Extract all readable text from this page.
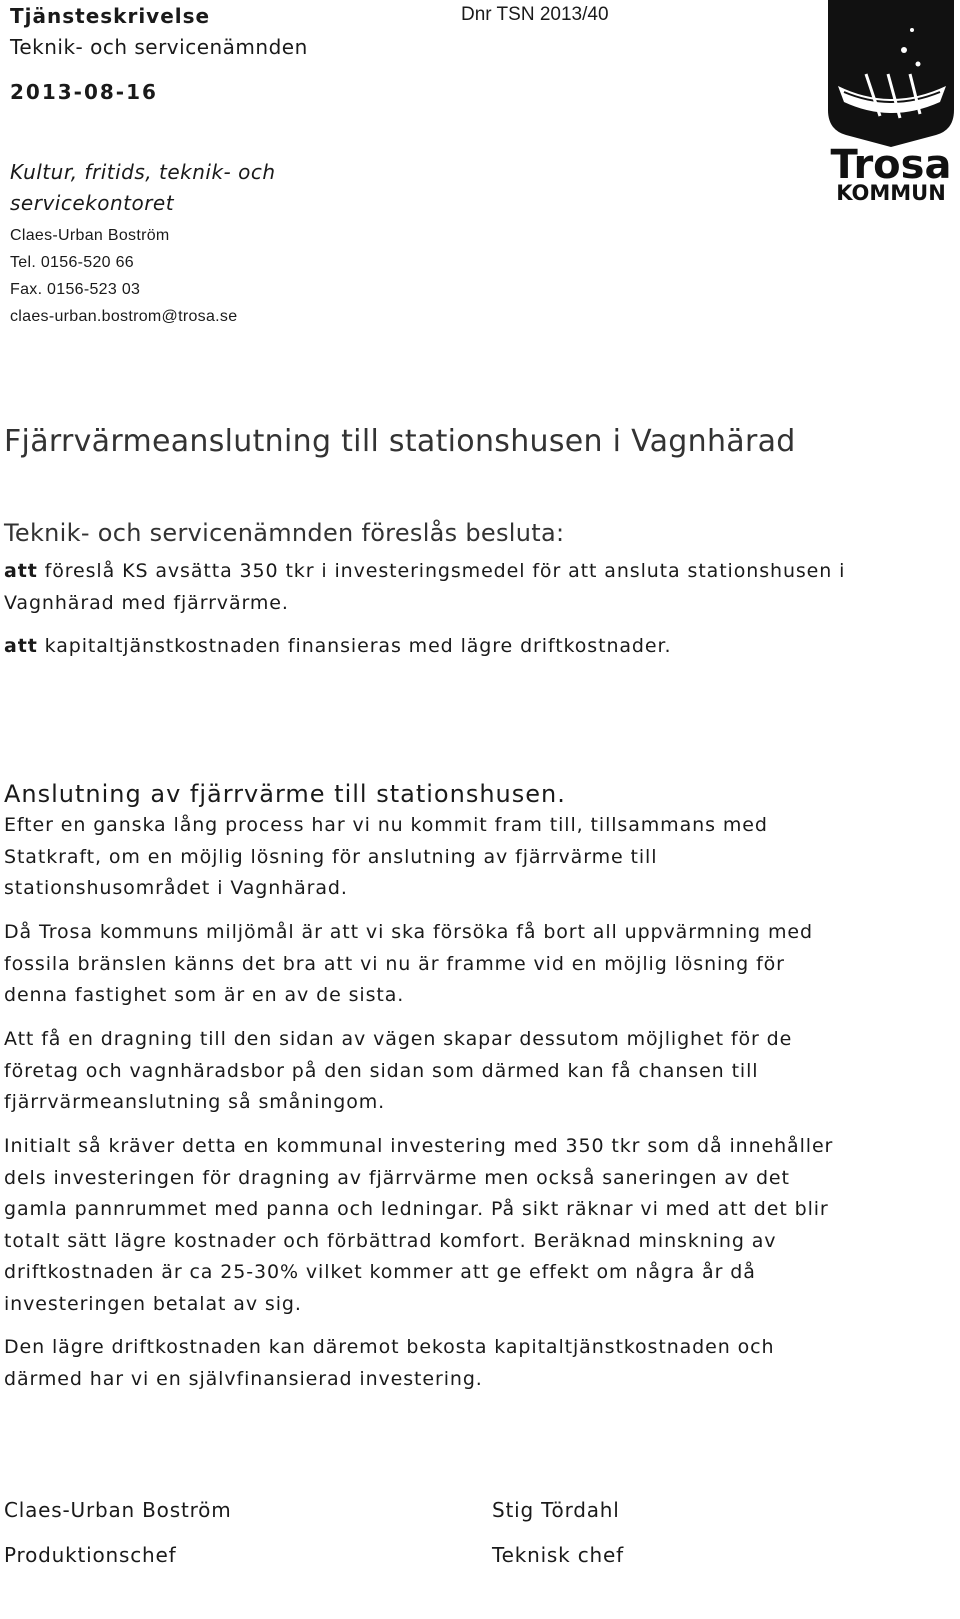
Tjänsteskrivelse
Teknik- och servicenämnden
2013-08-16
Dnr TSN 2013/40
Kultur, fritids, teknik- och
servicekontoret
Claes-Urban Boström
Tel. 0156-520 66
Fax. 0156-523 03
claes-urban.bostrom@trosa.se
Trosa
KOMMUN
Fjärrvärmeanslutning till stationshusen i Vagnhärad
Teknik- och servicenämnden föreslås besluta:
att föreslå KS avsätta 350 tkr i investeringsmedel för att ansluta stationshusen i
Vagnhärad med fjärrvärme.
att kapitaltjänstkostnaden finansieras med lägre driftkostnader.
Anslutning av fjärrvärme till stationshusen.
Efter en ganska lång process har vi nu kommit fram till, tillsammans med
Statkraft, om en möjlig lösning för anslutning av fjärrvärme till
stationshusområdet i Vagnhärad.
Då Trosa kommuns miljömål är att vi ska försöka få bort all uppvärmning med
fossila bränslen känns det bra att vi nu är framme vid en möjlig lösning för
denna fastighet som är en av de sista.
Att få en dragning till den sidan av vägen skapar dessutom möjlighet för de
företag och vagnhäradsbor på den sidan som därmed kan få chansen till
fjärrvärmeanslutning så småningom.
Initialt så kräver detta en kommunal investering med 350 tkr som då innehåller
dels investeringen för dragning av fjärrvärme men också saneringen av det
gamla pannrummet med panna och ledningar. På sikt räknar vi med att det blir
totalt sätt lägre kostnader och förbättrad komfort. Beräknad minskning av
driftkostnaden är ca 25-30% vilket kommer att ge effekt om några år då
investeringen betalat av sig.
Den lägre driftkostnaden kan däremot bekosta kapitaltjänstkostnaden och
därmed har vi en självfinansierad investering.
Claes-Urban Boström
Produktionschef
Stig Tördahl
Teknisk chef
